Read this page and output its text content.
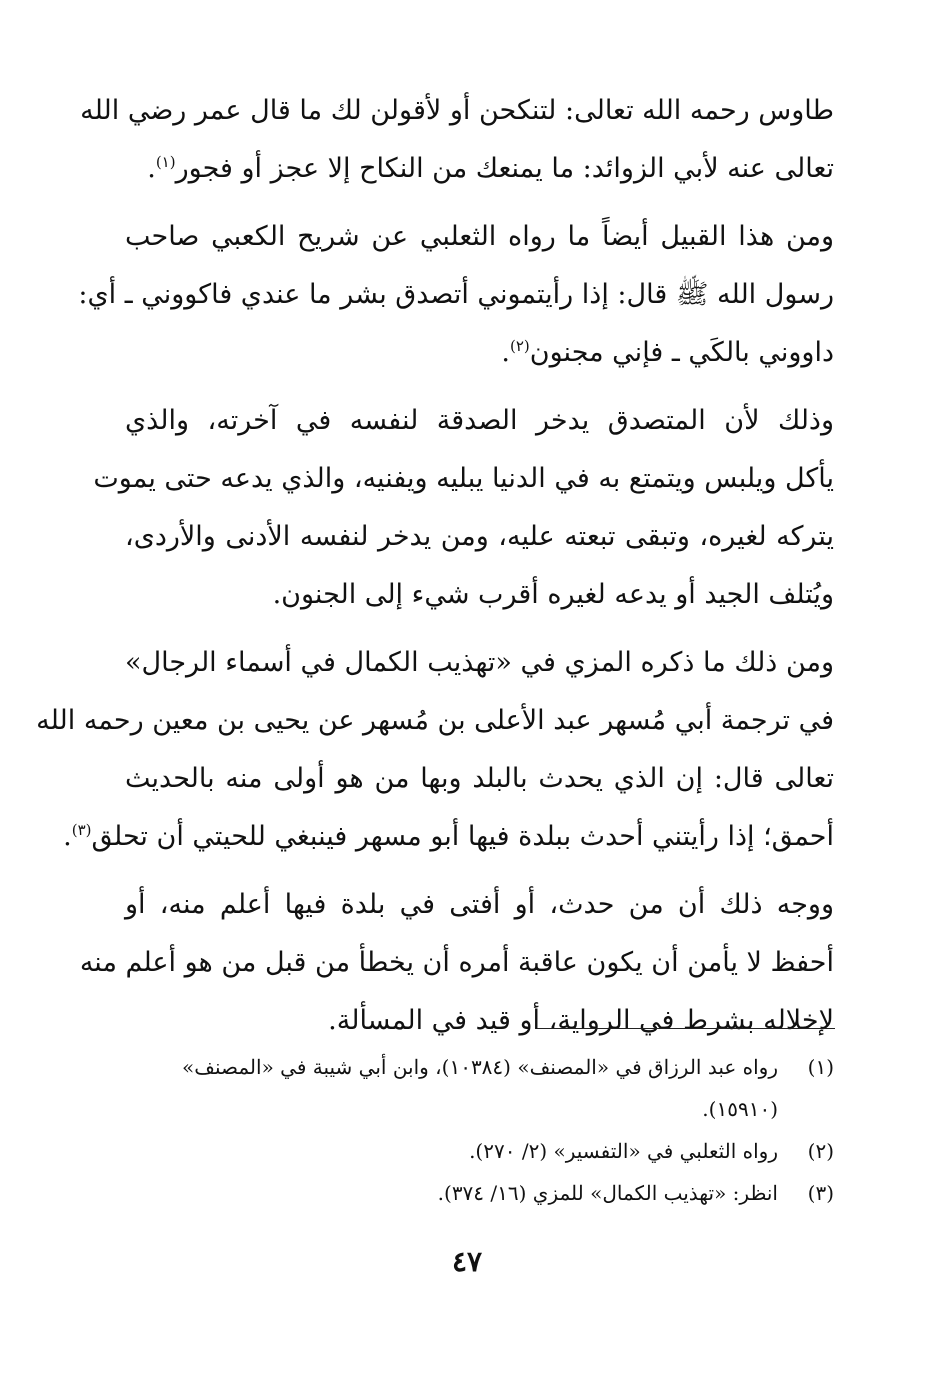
طاوس رحمه الله تعالى: لتنكحن أو لأقولن لك ما قال عمر رضي الله
تعالى عنه لأبي الزوائد: ما يمنعك من النكاح إلا عجز أو فجور$^{(١)}$.
ومن هذا القبيل أيضاً ما رواه الثعلبي عن شريح الكعبي صاحب
رسول الله ﷺ قال: إذا رأيتموني أتصدق بشر ما عندي فاكووني ـ أي:
داووني بالكَي ـ فإني مجنون$^{(٢)}$.
وذلك لأن المتصدق يدخر الصدقة لنفسه في آخرته، والذي
يأكل ويلبس ويتمتع به في الدنيا يبليه ويفنيه، والذي يدعه حتى يموت
يتركه لغيره، وتبقى تبعته عليه، ومن يدخر لنفسه الأدنى والأردى،
ويُتلف الجيد أو يدعه لغيره أقرب شيء إلى الجنون.
ومن ذلك ما ذكره المزي في «تهذيب الكمال في أسماء الرجال»
في ترجمة أبي مُسهر عبد الأعلى بن مُسهر عن يحيى بن معين رحمه الله
تعالى قال: إن الذي يحدث بالبلد وبها من هو أولى منه بالحديث
أحمق؛ إذا رأيتني أحدث ببلدة فيها أبو مسهر فينبغي للحيتي أن تحلق$^{(٣)}$.
ووجه ذلك أن من حدث، أو أفتى في بلدة فيها أعلم منه، أو
أحفظ لا يأمن أن يكون عاقبة أمره أن يخطأ من قبل من هو أعلم منه
لإخلاله بشرط في الرواية، أو قيد في المسألة.
(١)
رواه عبد الرزاق في «المصنف» (١٠٣٨٤)، وابن أبي شيبة في «المصنف»
(١٥٩١٠).
(٢)
رواه الثعلبي في «التفسير» (٢/ ٢٧٠).
(٣)
انظر: «تهذيب الكمال» للمزي (١٦/ ٣٧٤).
٤٧
